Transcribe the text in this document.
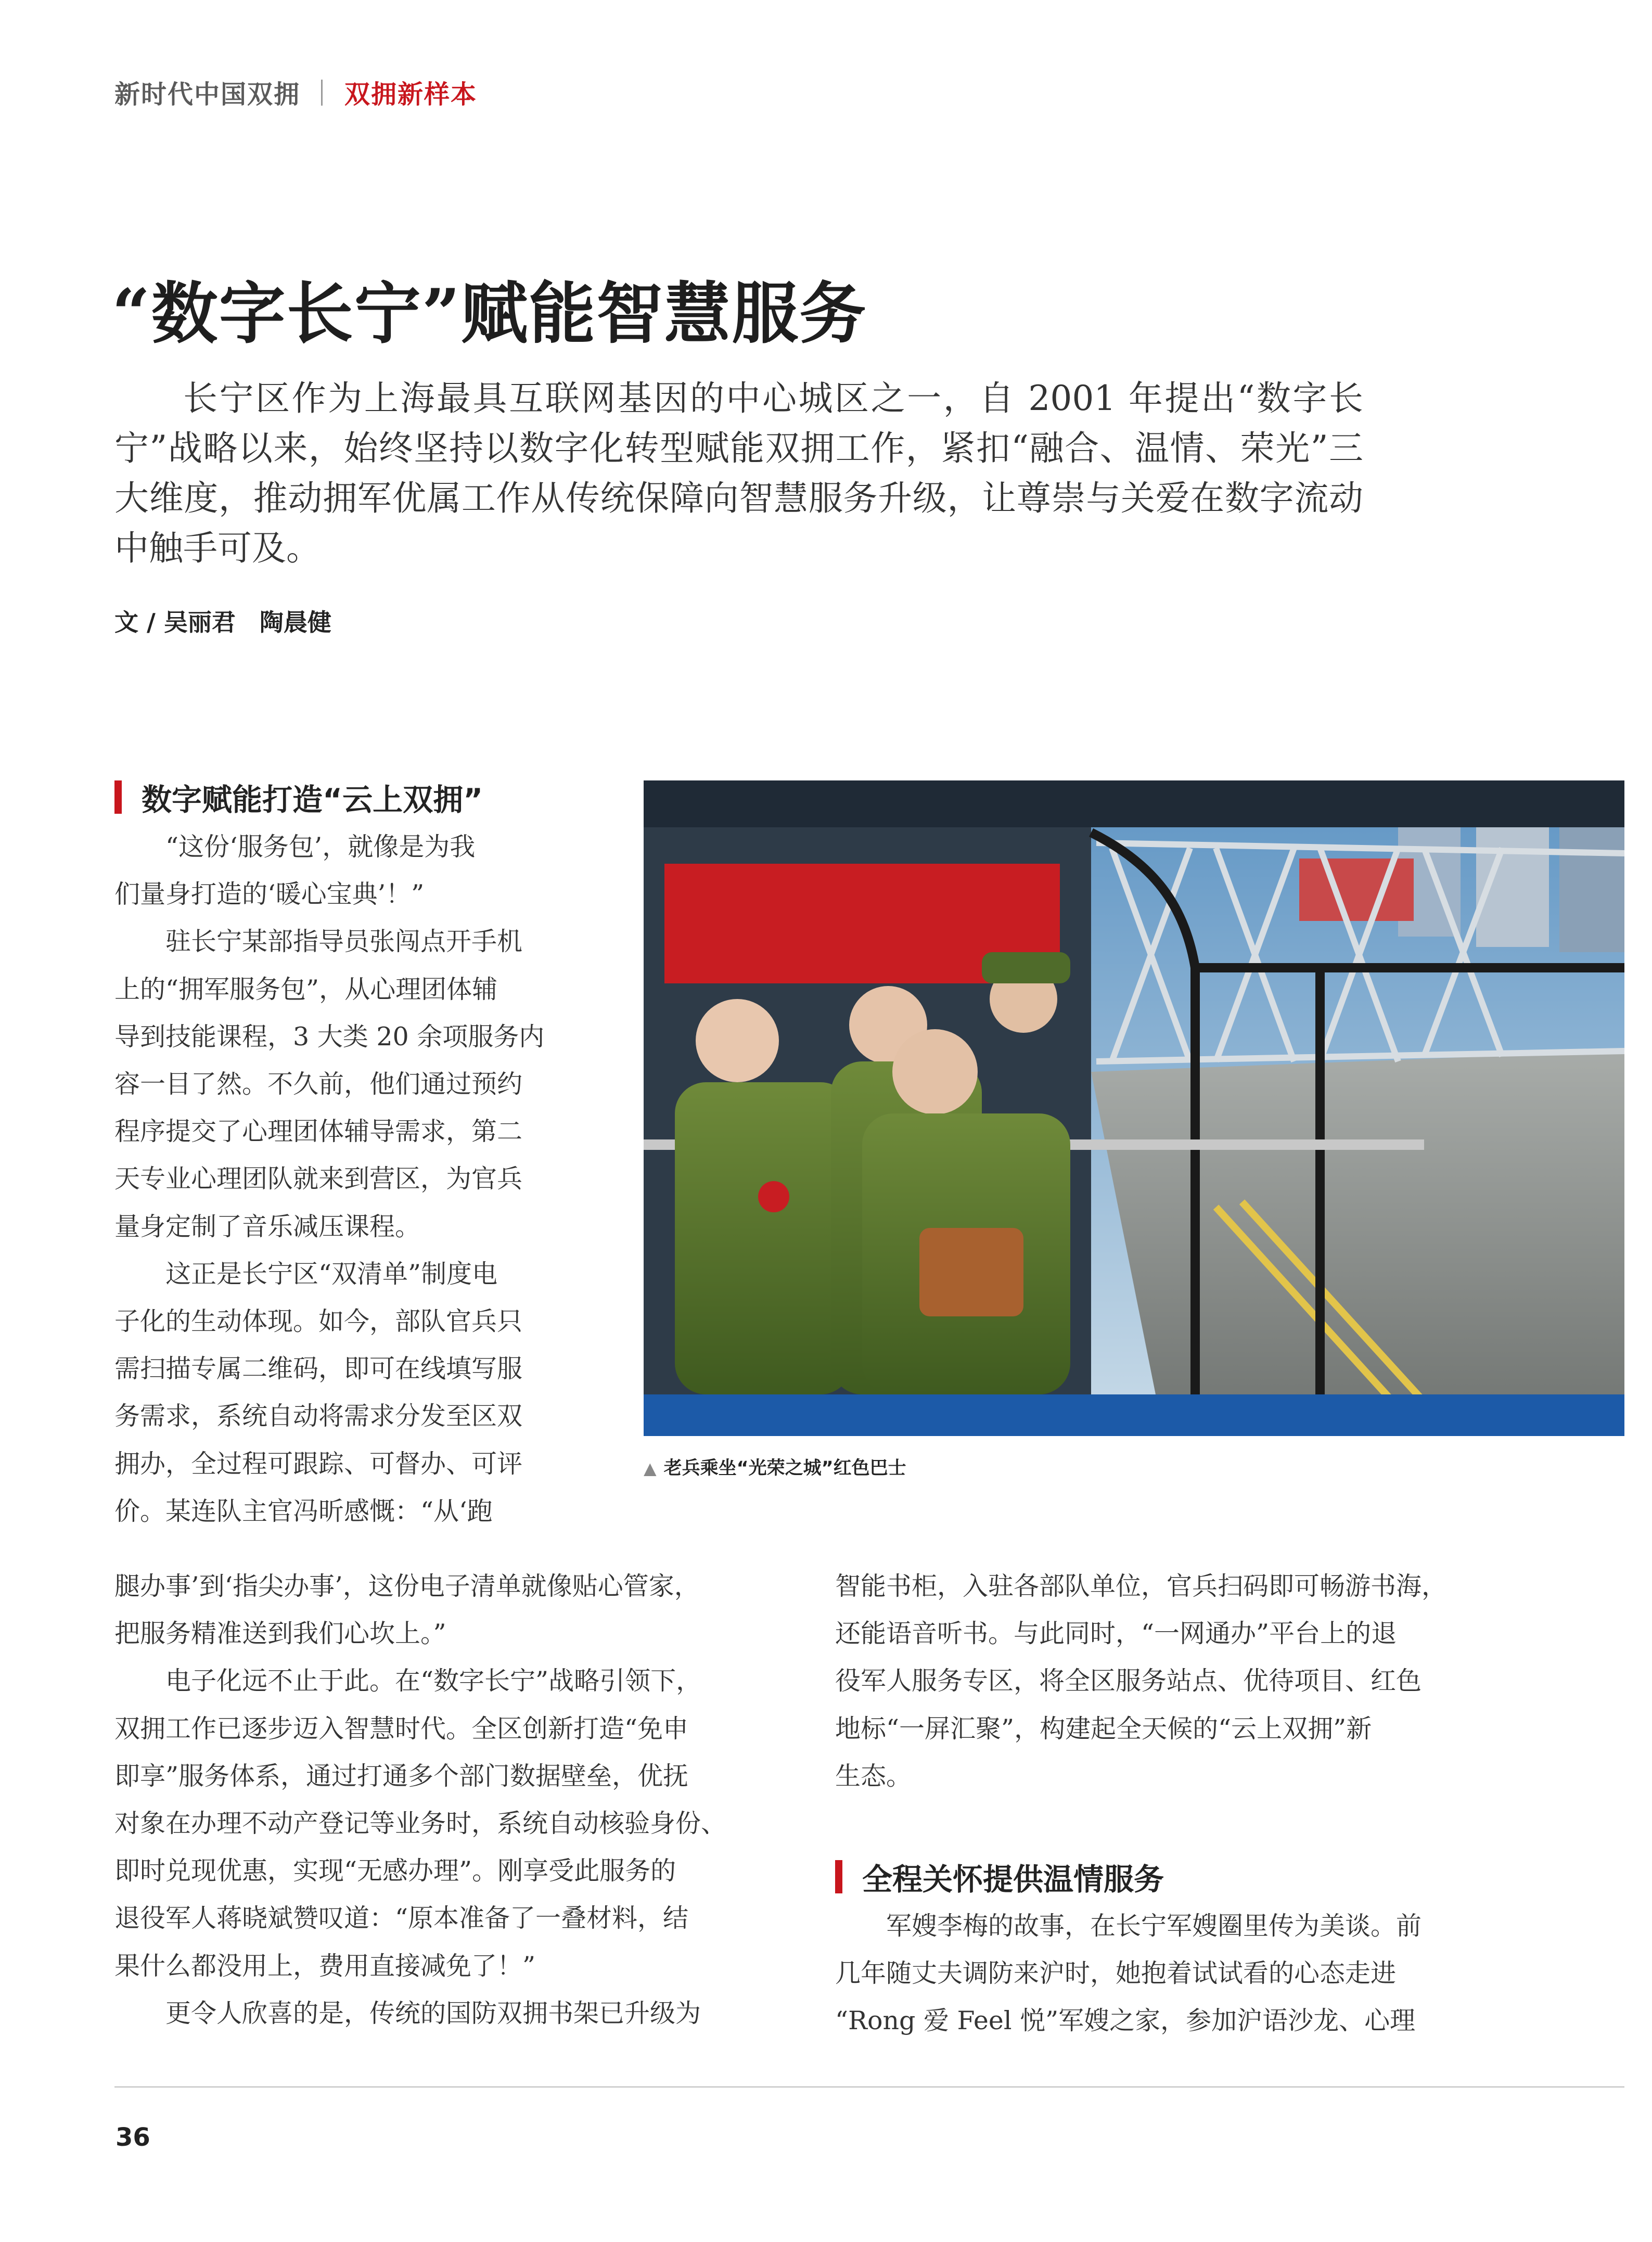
新时代中国双拥 双拥新样本
“数字长宁”赋能智慧服务

长宁区作为上海最具互联网基因的中心城区之一，自 2001 年提出“数字长宁”战略以来，始终坚持以数字化转型赋能双拥工作，紧扣“融合、温情、荣光”三大维度，推动拥军优属工作从传统保障向智慧服务升级，让尊崇与关爱在数字流动中触手可及。

文 / 吴丽君　陶晨健
数字赋能打造“云上双拥”

　　“这份‘服务包’，就像是为我
们量身打造的‘暖心宝典’！”

　　驻长宁某部指导员张闯点开手机
上的“拥军服务包”，从心理团体辅
导到技能课程，3 大类 20 余项服务内
容一目了然。不久前，他们通过预约
程序提交了心理团体辅导需求，第二
天专业心理团队就来到营区，为官兵
量身定制了音乐减压课程。

　　这正是长宁区“双清单”制度电
子化的生动体现。如今，部队官兵只
需扫描专属二维码，即可在线填写服
务需求，系统自动将需求分发至区双
拥办，全过程可跟踪、可督办、可评
价。某连队主官冯昕感慨：“从‘跑

腿办事’到‘指尖办事’，这份电子清单就像贴心管家，
把服务精准送到我们心坎上。”

　　电子化远不止于此。在“数字长宁”战略引领下，
双拥工作已逐步迈入智慧时代。全区创新打造“免申
即享”服务体系，通过打通多个部门数据壁垒，优抚
对象在办理不动产登记等业务时，系统自动核验身份、
即时兑现优惠，实现“无感办理”。刚享受此服务的
退役军人蒋晓斌赞叹道：“原本准备了一叠材料，结
果什么都没用上，费用直接减免了！”

　　更令人欣喜的是，传统的国防双拥书架已升级为

智能书柜，入驻各部队单位，官兵扫码即可畅游书海，
还能语音听书。与此同时，“一网通办”平台上的退
役军人服务专区，将全区服务站点、优待项目、红色
地标“一屏汇聚”，构建起全天候的“云上双拥”新
生态。

全程关怀提供温情服务

　　军嫂李梅的故事，在长宁军嫂圈里传为美谈。前
几年随丈夫调防来沪时，她抱着试试看的心态走进
“Rong 爱 Feel 悦”军嫂之家，参加沪语沙龙、心理

▲ 老兵乘坐“光荣之城”红色巴士
36
